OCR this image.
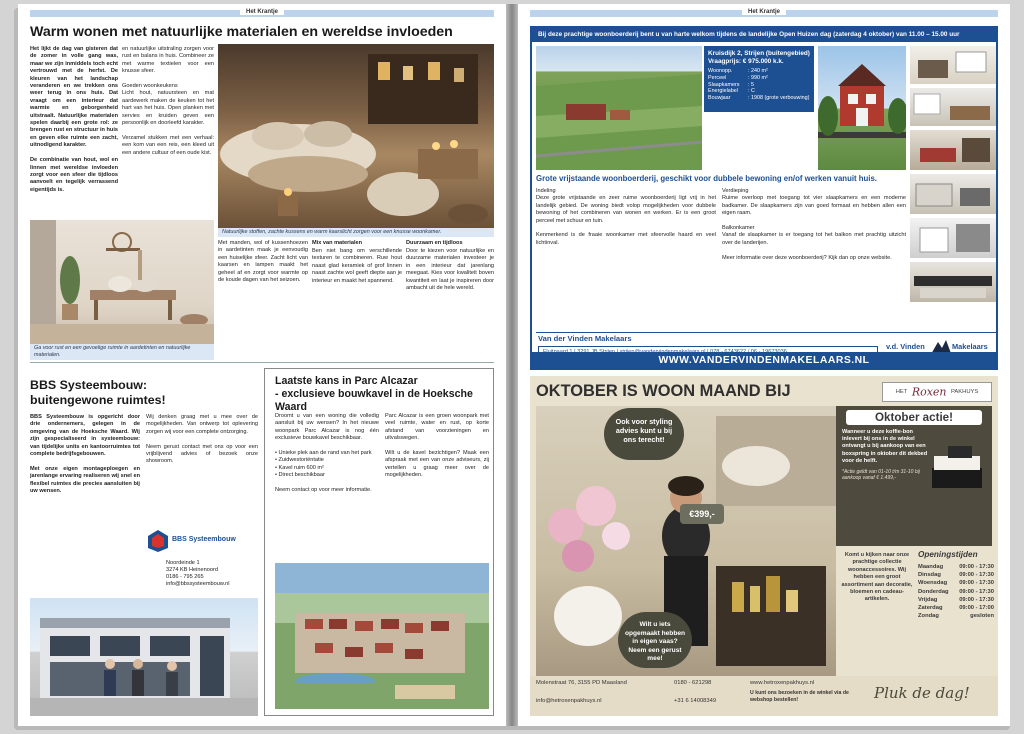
Het Krantje
Warm wonen met natuurlijke materialen en wereldse invloeden
Het lijkt de dag van gisteren dat de zomer in volle gang was, maar we zijn inmiddels toch echt vertrouwd met de herfst. De kleuren van het landschap veranderen en we trekken ons weer terug in ons huis. Dat vraagt om een interieur dat warmte en geborgenheid uitstraalt. Natuurlijke materialen spelen daarbij een grote rol: ze brengen rust en structuur in huis en geven elke ruimte een zacht, uitnodigend karakter.

De combinatie van hout, wol en linnen met wereldse invloeden zorgt voor een sfeer die tijdloos aanvoelt en tegelijk verrassend eigentijds is.
en natuurlijke uitstraling zorgen voor rust en balans in huis. Combineer ze met warme textielen voor een knusse sfeer.

Goeden woonkeukens
Licht hout, natuursteen en mat aardewerk maken de keuken tot het hart van het huis. Open planken met servies en kruiden geven een persoonlijk en doorleefd karakter.

Verzamel stukken met een verhaal: een kom van een reis, een kleed uit een andere cultuur of een oude kist.
Natuurlijke stoffen, zachte kussens en warm kaarslicht zorgen voor een knusse woonkamer.
Ga voor rust en een gevoelige ruimte in aardetinten en natuurlijke materialen.
Met manden, wol of kussenhoezen in aardetinten maak je eenvoudig een huiselijke sfeer. Zacht licht van kaarsen en lampen maakt het geheel af en zorgt voor warmte op de koude dagen van het seizoen.
Mix van materialen
Ben niet bang om verschillende texturen te combineren. Ruw hout naast glad keramiek of grof linnen naast zachte wol geeft diepte aan je interieur en maakt het spannend.
Duurzaam en tijdloos
Door te kiezen voor natuurlijke en duurzame materialen investeer je in een interieur dat jarenlang meegaat. Kies voor kwaliteit boven kwantiteit en laat je inspireren door ambacht uit de hele wereld.
BBS Systeembouw:
buitengewone ruimtes!
BBS Systeembouw is opgericht door drie ondernemers, gelegen in de omgeving van de Hoeksche Waard. Wij zijn gespecialiseerd in systeembouw: van tijdelijke units en kantoorruimtes tot complete bedrijfsgebouwen.

Met onze eigen montageploegen en jarenlange ervaring realiseren wij snel en flexibel ruimtes die precies aansluiten bij uw wensen.
Wij denken graag met u mee over de mogelijkheden. Van ontwerp tot oplevering zorgen wij voor een complete ontzorging.

Neem gerust contact met ons op voor een vrijblijvend advies of bezoek onze showroom.
BBS Systeembouw
Noordeinde 1
3274 KB Heinenoord
0186 - 795 265
info@bbssysteembouw.nl
Laatste kans in Parc Alcazar
- exclusieve bouwkavel in de Hoeksche Waard
Droomt u van een woning die volledig aansluit bij uw wensen? In het nieuwe woonpark Parc Alcazar is nog één exclusieve bouwkavel beschikbaar.

• Unieke plek aan de rand van het park
• Zuidwestoriëntatie
• Kavel ruim 600 m²
• Direct beschikbaar

Neem contact op voor meer informatie.
Parc Alcazar is een groen woonpark met veel ruimte, water en rust, op korte afstand van voorzieningen en uitvalswegen.

Wilt u de kavel bezichtigen? Maak een afspraak met een van onze adviseurs, zij vertellen u graag meer over de mogelijkheden.
Het Krantje
Bij deze prachtige woonboerderij bent u van harte welkom tijdens de landelijke Open Huizen dag (zaterdag 4 oktober) van 11.00 – 15.00 uur
Kruisdijk 2, Strijen (buitengebied)
Vraagprijs: € 975.000 k.k.
Woonopp.	: 240 m²
Perceel	: 990 m²
Slaapkamers	: 5
Energielabel	: C
Bouwjaar	: 1908 (grote verbouwing)
Grote vrijstaande woonboerderij, geschikt voor dubbele bewoning en/of werken vanuit huis.
Indeling
Deze grote vrijstaande en zeer ruime woonboerderij ligt vrij in het landelijk gebied. De woning biedt volop mogelijkheden voor dubbele bewoning of het combineren van wonen en werken. Er is een groot perceel met schuur en tuin.

Kenmerkend is de fraaie woonkamer met sfeervolle haard en veel lichtinval.
Verdieping
Ruime overloop met toegang tot vier slaapkamers en een moderne badkamer. De slaapkamers zijn van goed formaat en hebben allen een eigen raam.

Balkonkamer
Vanaf de slaapkamer is er toegang tot het balkon met prachtig uitzicht over de landerijen.

Meer informatie over deze woonboerderij? Kijk dan op onze website.
Van der Vinden Makelaars
v.d. Vinden	Makelaars
WWW.VANDERVINDENMAKELAARS.NL
OKTOBER IS WOON MAAND BIJ	HET Roxen PAKHUYS
Ook voor styling advies kunt u bij ons terecht!
€399,-
Wilt u iets opgemaakt hebben in eigen vaas? Neem een gerust mee!
Oktober actie!
Wanneer u deze koffie-bon inlevert bij ons in de winkel ontvangt u bij aankoop van een boxspring in oktober dit dekbed voor de helft.
*Actie geldt van 01-10 t/m 31-10 bij aankoop vanaf € 1.499,-
Komt u kijken naar onze prachtige collectie woonaccessoires. Wij hebben een groot assortiment aan decoratie, bloemen en cadeau-artikelen.
Openingstijden
Maandag	09:00 - 17:30
Dinsdag	09:00 - 17:30
Woensdag 09:00 - 17:30
Donderdag 09:00 - 17:30
Vrijdag	09:00 - 17:30
Zaterdag	09:00 - 17:00
Zondag	gesloten
Molenstraat 76, 3155 PD Maasland
info@hetroxenpakhuys.nl
0180 - 621298
+31 6 14008349
www.hetroxenpakhuys.nl
U kunt ons bezoeken in de winkel via de webshop bestellen!	Pluk de dag!
